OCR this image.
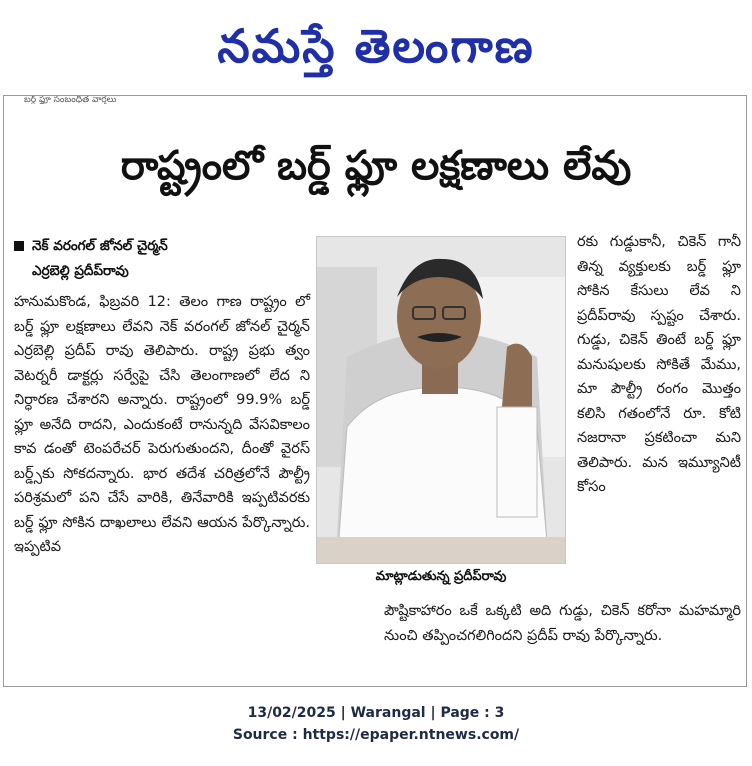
నమస్తే తెలంగాణ
బర్డ్ ఫ్లూ సంబంధిత వార్తలు
రాష్ట్రంలో బర్డ్ ఫ్లూ లక్షణాలు లేవు
నెక్ వరంగల్ జోనల్ చైర్మన్
ఎర్రబెల్లి ప్రదీప్‌రావు
హనుమకొండ, ఫిబ్రవరి 12: తెలం గాణ రాష్ట్రం లో బర్డ్ ఫ్లూ లక్షణాలు లేవని నెక్ వరంగల్ జోనల్ చైర్మన్ ఎర్రబెల్లి ప్రదీప్ రావు తెలిపారు. రాష్ట్ర ప్రభు త్వం వెటర్నరీ డాక్టర్లు సర్వేపై చేసి తెలంగాణలో లేద ని నిర్ధారణ చేశారని అన్నారు. రాష్ట్రంలో 99.9% బర్డ్ ఫ్లూ అనేది రాదని, ఎందుకంటే రానున్నది వేసవికాలం కావ డంతో టెంపరేచర్ పెరుగుతుందని, దీంతో వైరస్ బర్డ్స్‌కు సోకదన్నారు. భార తదేశ చరిత్రలోనే పౌల్ట్రీ పరిశ్రమలో పని చేసే వారికి, తినేవారికి ఇప్పటివరకు బర్డ్ ఫ్లూ సోకిన దాఖలాలు లేవని ఆయన పేర్కొన్నారు. ఇప్పటివ
మాట్లాడుతున్న ప్రదీప్‌రావు
రకు గుడ్డుకానీ, చికెన్ గానీ తిన్న వ్యక్తులకు బర్డ్ ఫ్లూ సోకిన కేసులు లేవ ని ప్రదీప్‌రావు స్పష్టం చేశారు. గుడ్డు, చికెన్ తింటే బర్డ్ ఫ్లూ మనుషులకు సోకితే మేము, మా పౌల్ట్రీ రంగం మొత్తం కలిసి గతంలోనే రూ. కోటి నజరానా ప్రకటించా మని తెలిపారు. మన ఇమ్యూనిటీ కోసం
పౌష్టికాహారం ఒకే ఒక్కటి అది గుడ్డు, చికెన్ కరోనా మహమ్మారి నుంచి తప్పించగలిగిందని ప్రదీప్ రావు పేర్కొన్నారు.
13/02/2025 | Warangal | Page : 3
Source : https://epaper.ntnews.com/
